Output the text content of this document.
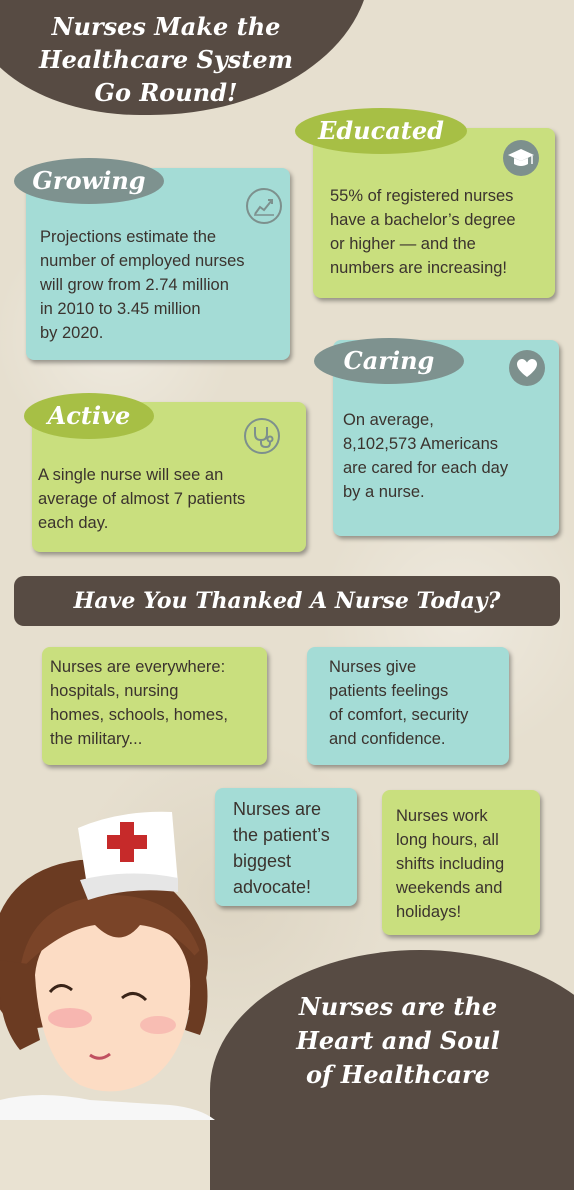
Nurses Make the
Healthcare System
Go Round!
55% of registered nurses
have a bachelor’s degree
or higher — and the
numbers are increasing!
Educated
Projections estimate the
number of employed nurses
will grow from 2.74 million
in 2010 to 3.45 million
by 2020.
Growing
On average,
8,102,573 Americans
are cared for each day
by a nurse.
Caring
A single nurse will see an
average of almost 7 patients
each day.
Active
Have You Thanked A Nurse Today?
Nurses are everywhere:
hospitals, nursing
homes, schools, homes,
the military...
Nurses give
patients feelings
of comfort, security
and confidence.
Nurses are
the patient’s
biggest
advocate!
Nurses work
long hours, all
shifts including
weekends and
holidays!
Nurses are the
Heart and Soul
of Healthcare
